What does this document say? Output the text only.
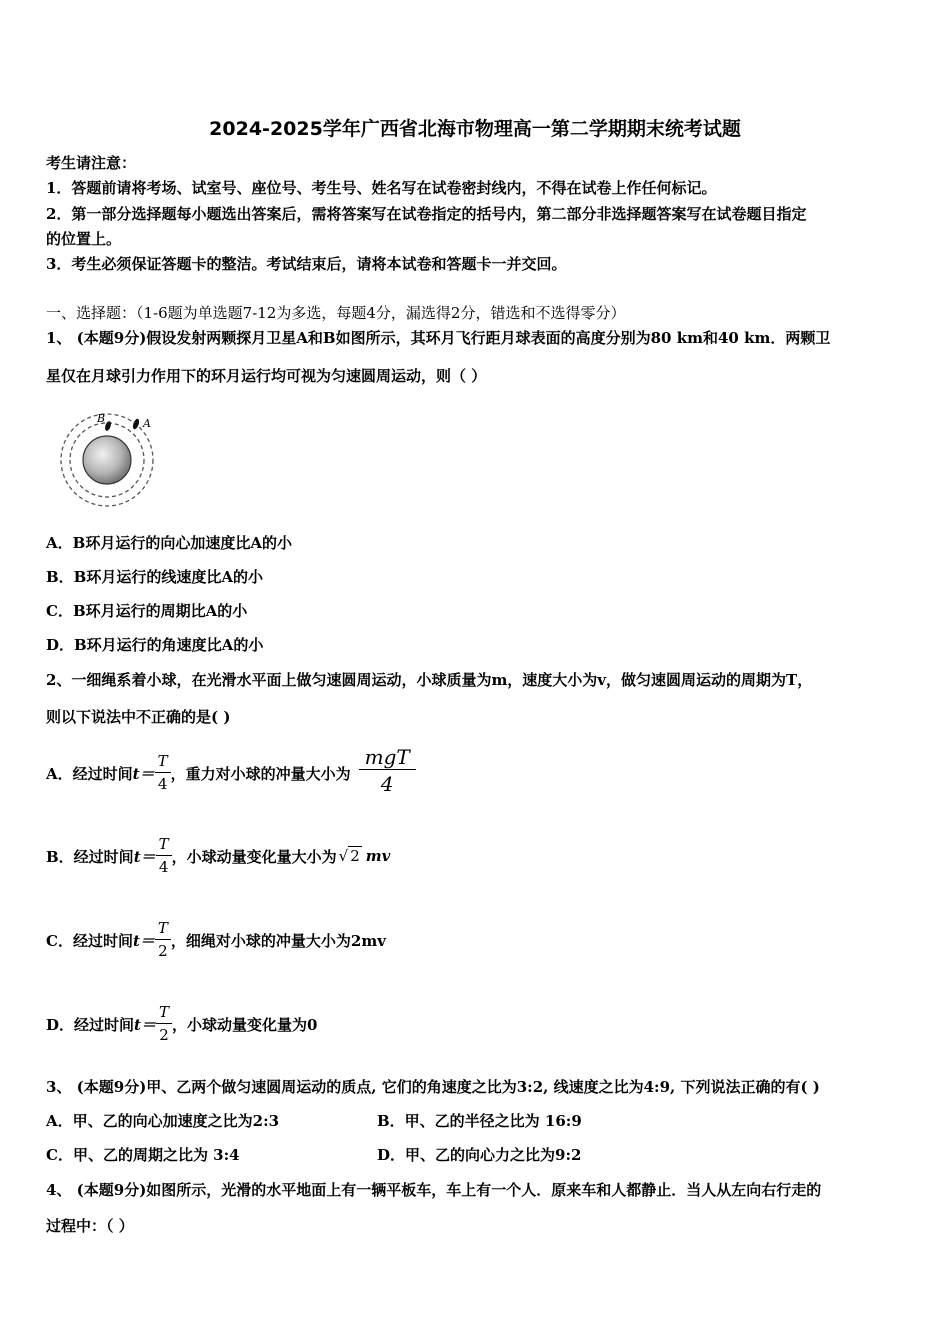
2024-2025学年广西省北海市物理高一第二学期期末统考试题
考生请注意：
1．答题前请将考场、试室号、座位号、考生号、姓名写在试卷密封线内，不得在试卷上作任何标记。
2．第一部分选择题每小题选出答案后，需将答案写在试卷指定的括号内，第二部分非选择题答案写在试卷题目指定
的位置上。
3．考生必须保证答题卡的整洁。考试结束后，请将本试卷和答题卡一并交回。
一、选择题：（1-6题为单选题7-12为多选，每题4分，漏选得2分，错选和不选得零分）
1、 (本题9分)假设发射两颗探月卫星A和B如图所示，其环月飞行距月球表面的高度分别为80 km和40 km．两颗卫
星仅在月球引力作用下的环月运行均可视为匀速圆周运动，则（ ）
B	A
A．B环月运行的向心加速度比A的小
B．B环月运行的线速度比A的小
C．B环月运行的周期比A的小
D．B环月运行的角速度比A的小
2、一细绳系着小球，在光滑水平面上做匀速圆周运动，小球质量为m，速度大小为v，做匀速圆周运动的周期为T，
则以下说法中不正确的是( )
A．经过时间 $t= \frac{T}{4}$ ，重力对小球的冲量大小为 $\frac{\text{mgT}}{4}$
B．经过时间 $t= \frac{T}{4}$ ，小球动量变化量大小为 √ 2 mv
C．经过时间 $t= \frac{T}{2}$ ，细绳对小球的冲量大小为2mv
D．经过时间 $t= \frac{T}{2}$ ，小球动量变化量为0
3、 (本题9分)甲、乙两个做匀速圆周运动的质点, 它们的角速度之比为3:2, 线速度之比为4:9, 下列说法正确的有( )
A．甲、乙的向心加速度之比为2:3	B．甲、乙的半径之比为 16:9
C．甲、乙的周期之比为 3:4	D．甲、乙的向心力之比为9:2
4、 (本题9分)如图所示，光滑的水平地面上有一辆平板车，车上有一个人．原来车和人都静止．当人从左向右行走的
过程中：（ ）
